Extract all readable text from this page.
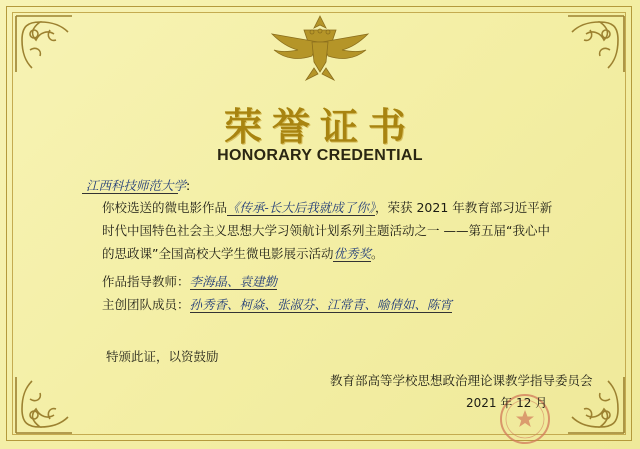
荣誉证书
HONORARY CREDENTIAL
江西科技师范大学:
你校选送的微电影作品《传承-长大后我就成了你》，荣获 2021 年教育部习近平新时代中国特色社会主义思想大学习领航计划系列主题活动之一 ——第五届“我心中的思政课”全国高校大学生微电影展示活动优秀奖。
作品指导教师：李海晶、袁建勤
主创团队成员：孙秀香、柯焱、张淑芬、江常青、喻倩如、陈宵
特颁此证，以资鼓励
教育部高等学校思想政治理论课教学指导委员会
2021 年 12 月
